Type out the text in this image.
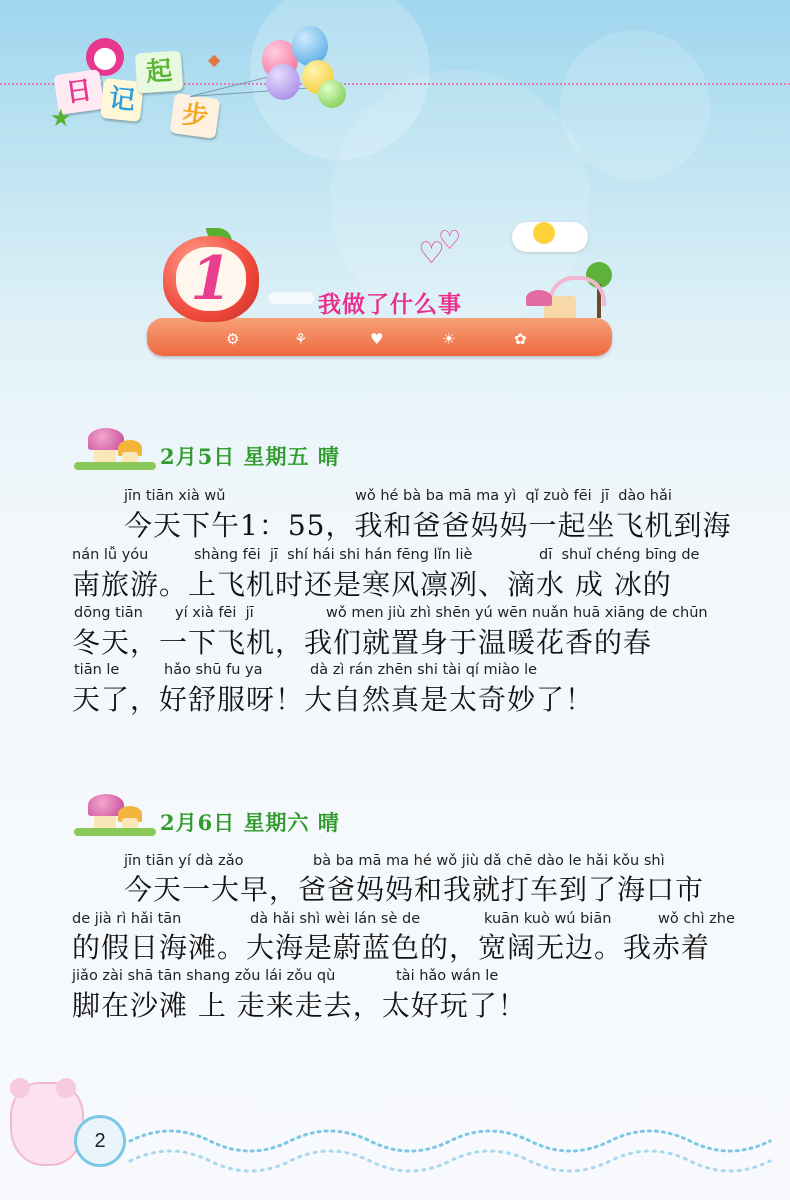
日 记
起
步
★
◆
♡
♡
⚙	⚘	♥	☀	✿
1	我做了什么事
2月5日 星期五 晴
jīn tiān xià wǔ	wǒ hé bà ba mā ma yì  qǐ zuò fēi  jī  dào hǎi
今天下午1：55，我和爸爸妈妈一起坐飞机到海
nán lǚ yóu	shàng fēi  jī  shí hái shi hán fēng lǐn liè	dī  shuǐ chéng bīng de
南旅游。上飞机时还是寒风凛冽、滴水 成 冰的
dōng tiān yí xià fēi  jī	wǒ men jiù zhì shēn yú wēn nuǎn huā xiāng de chūn
冬天，一下飞机，我们就置身于温暖花香的春
tiān le	hǎo shū fu ya	dà zì rán zhēn shi tài qí miào le
天了，好舒服呀！大自然真是太奇妙了！
2月6日 星期六 晴
jīn tiān yí dà zǎo	bà ba mā ma hé wǒ jiù dǎ chē dào le hǎi kǒu shì
今天一大早，爸爸妈妈和我就打车到了海口市
de jià rì hǎi tān	dà hǎi shì wèi lán sè de	kuān kuò wú biān	wǒ chì zhe
的假日海滩。大海是蔚蓝色的，宽阔无边。我赤着
jiǎo zài shā tān shang zǒu lái zǒu qù	tài hǎo wán le
脚在沙滩 上 走来走去，太好玩了！
2
